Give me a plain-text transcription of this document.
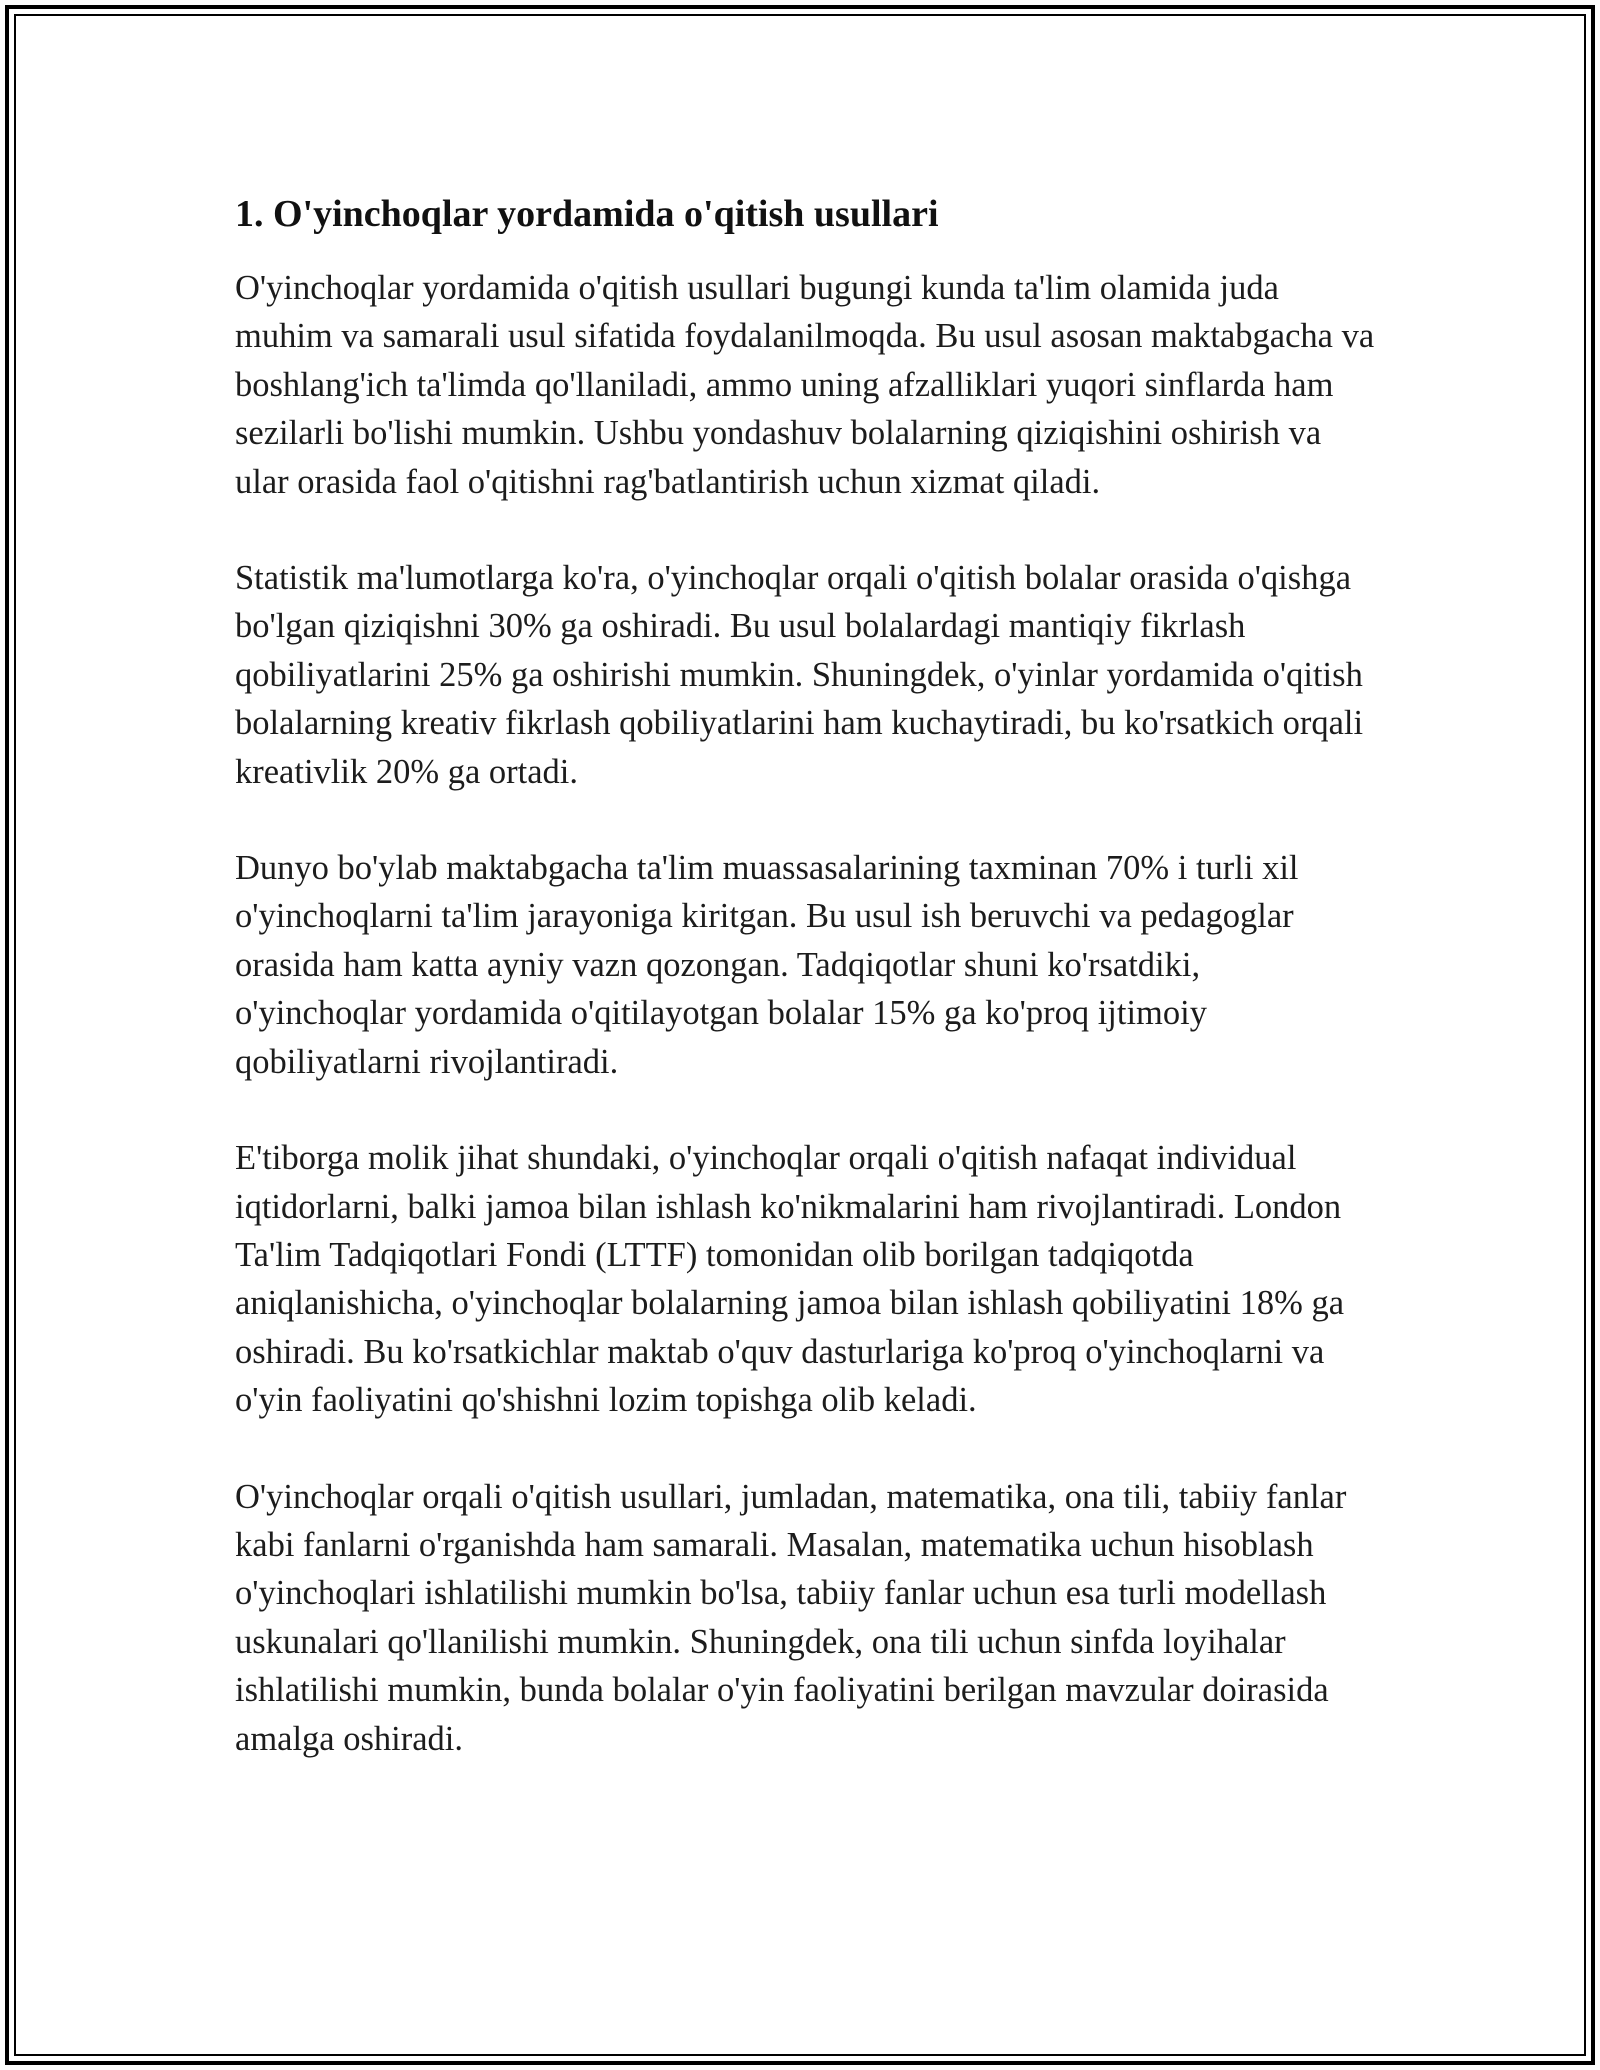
1. O'yinchoqlar yordamida o'qitish usullari

O'yinchoqlar yordamida o'qitish usullari bugungi kunda ta'lim olamida juda muhim va samarali usul sifatida foydalanilmoqda. Bu usul asosan maktabgacha va boshlang'ich ta'limda qo'llaniladi, ammo uning afzalliklari yuqori sinflarda ham sezilarli bo'lishi mumkin. Ushbu yondashuv bolalarning qiziqishini oshirish va ular orasida faol o'qitishni rag'batlantirish uchun xizmat qiladi.

Statistik ma'lumotlarga ko'ra, o'yinchoqlar orqali o'qitish bolalar orasida o'qishga bo'lgan qiziqishni 30% ga oshiradi. Bu usul bolalardagi mantiqiy fikrlash qobiliyatlarini 25% ga oshirishi mumkin. Shuningdek, o'yinlar yordamida o'qitish bolalarning kreativ fikrlash qobiliyatlarini ham kuchaytiradi, bu ko'rsatkich orqali kreativlik 20% ga ortadi.

Dunyo bo'ylab maktabgacha ta'lim muassasalarining taxminan 70% i turli xil o'yinchoqlarni ta'lim jarayoniga kiritgan. Bu usul ish beruvchi va pedagoglar orasida ham katta ayniy vazn qozongan. Tadqiqotlar shuni ko'rsatdiki, o'yinchoqlar yordamida o'qitilayotgan bolalar 15% ga ko'proq ijtimoiy qobiliyatlarni rivojlantiradi.

E'tiborga molik jihat shundaki, o'yinchoqlar orqali o'qitish nafaqat individual iqtidorlarni, balki jamoa bilan ishlash ko'nikmalarini ham rivojlantiradi. London Ta'lim Tadqiqotlari Fondi (LTTF) tomonidan olib borilgan tadqiqotda aniqlanishicha, o'yinchoqlar bolalarning jamoa bilan ishlash qobiliyatini 18% ga oshiradi. Bu ko'rsatkichlar maktab o'quv dasturlariga ko'proq o'yinchoqlarni va o'yin faoliyatini qo'shishni lozim topishga olib keladi.

O'yinchoqlar orqali o'qitish usullari, jumladan, matematika, ona tili, tabiiy fanlar kabi fanlarni o'rganishda ham samarali. Masalan, matematika uchun hisoblash o'yinchoqlari ishlatilishi mumkin bo'lsa, tabiiy fanlar uchun esa turli modellash uskunalari qo'llanilishi mumkin. Shuningdek, ona tili uchun sinfda loyihalar ishlatilishi mumkin, bunda bolalar o'yin faoliyatini berilgan mavzular doirasida amalga oshiradi.
